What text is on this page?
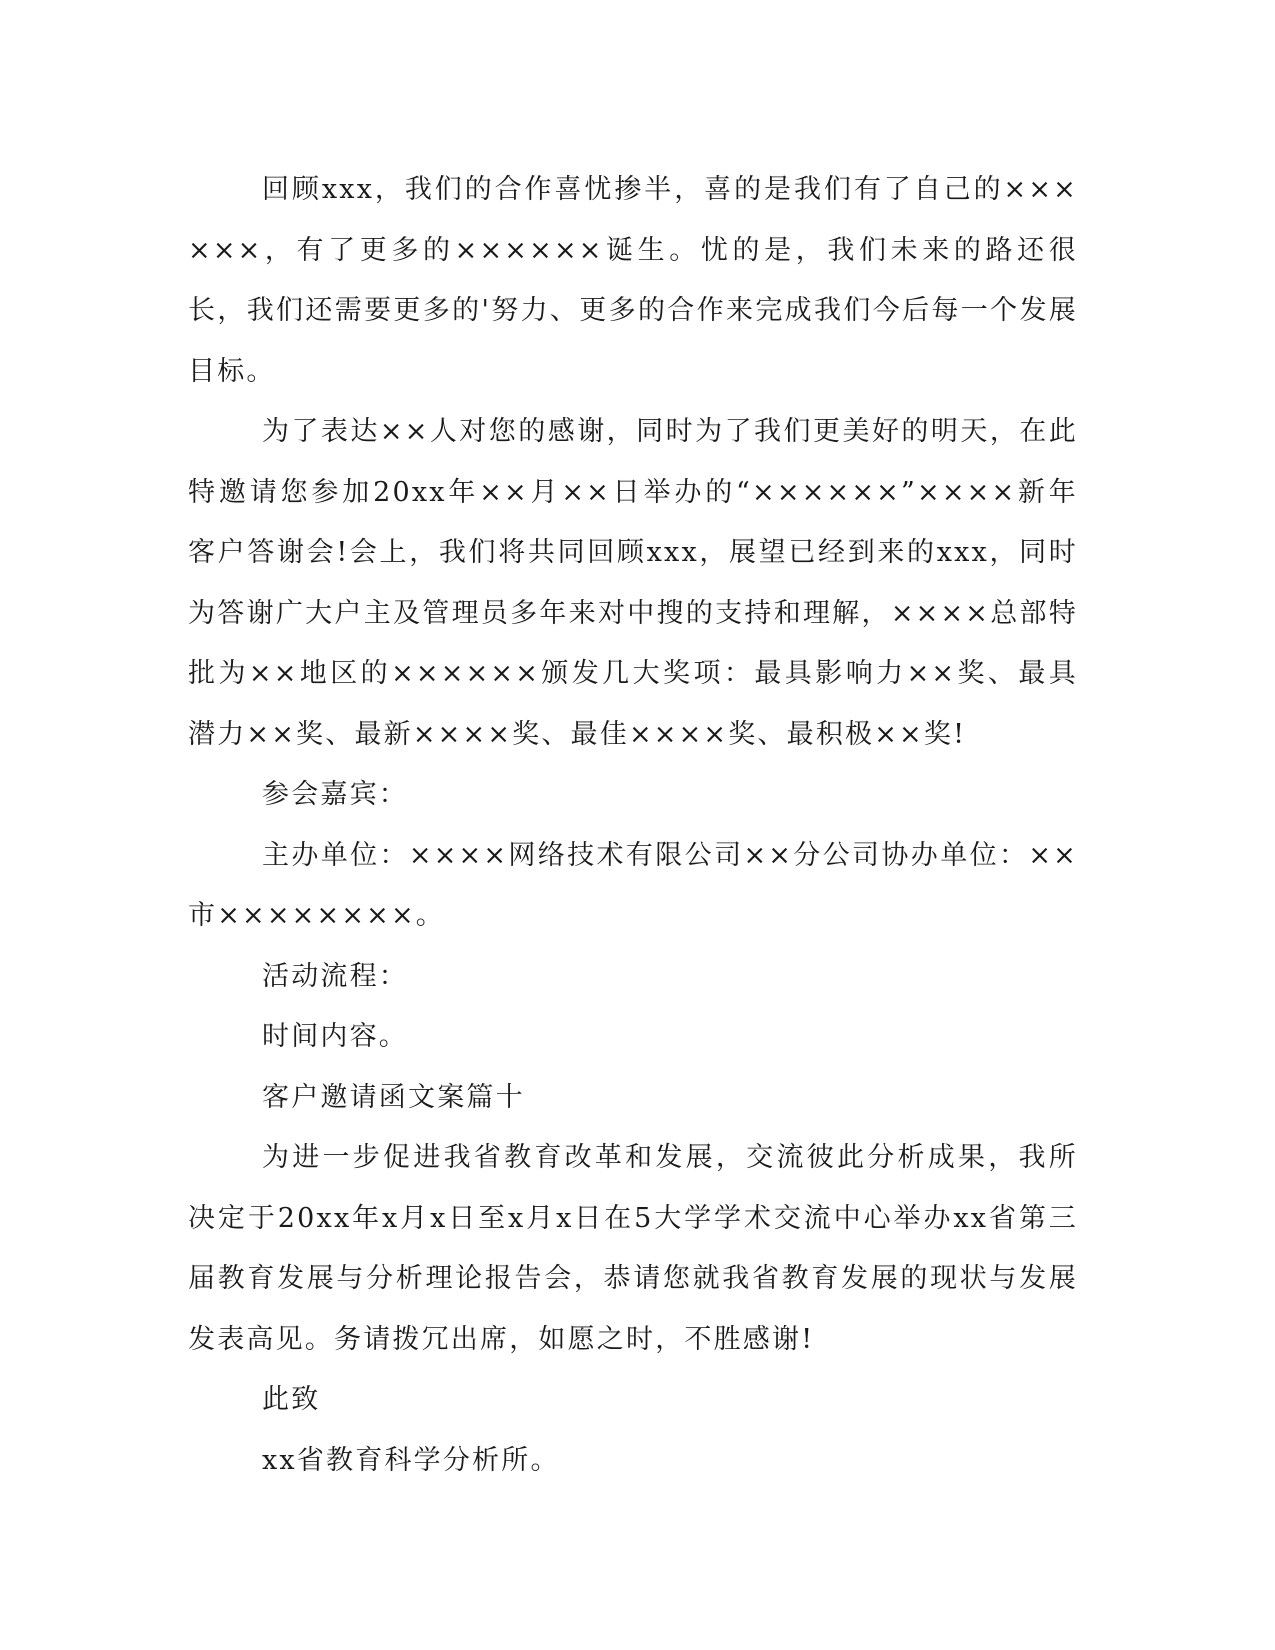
回顾xxx，我们的合作喜忧掺半，喜的是我们有了自己的××××××，有了更多的××××××诞生。忧的是，我们未来的路还很长，我们还需要更多的'努力、更多的合作来完成我们今后每一个发展目标。

为了表达××人对您的感谢，同时为了我们更美好的明天，在此特邀请您参加20xx年××月××日举办的“××××××”××××新年客户答谢会!会上，我们将共同回顾xxx，展望已经到来的xxx，同时为答谢广大户主及管理员多年来对中搜的支持和理解，××××总部特批为××地区的××××××颁发几大奖项：最具影响力××奖、最具潜力××奖、最新××××奖、最佳××××奖、最积极××奖!

参会嘉宾：

主办单位：××××网络技术有限公司××分公司协办单位：××市××××××××。

活动流程：

时间内容。

客户邀请函文案篇十

为进一步促进我省教育改革和发展，交流彼此分析成果，我所决定于20xx年x月x日至x月x日在5大学学术交流中心举办xx省第三届教育发展与分析理论报告会，恭请您就我省教育发展的现状与发展发表高见。务请拨冗出席，如愿之时，不胜感谢!

此致

xx省教育科学分析所。
